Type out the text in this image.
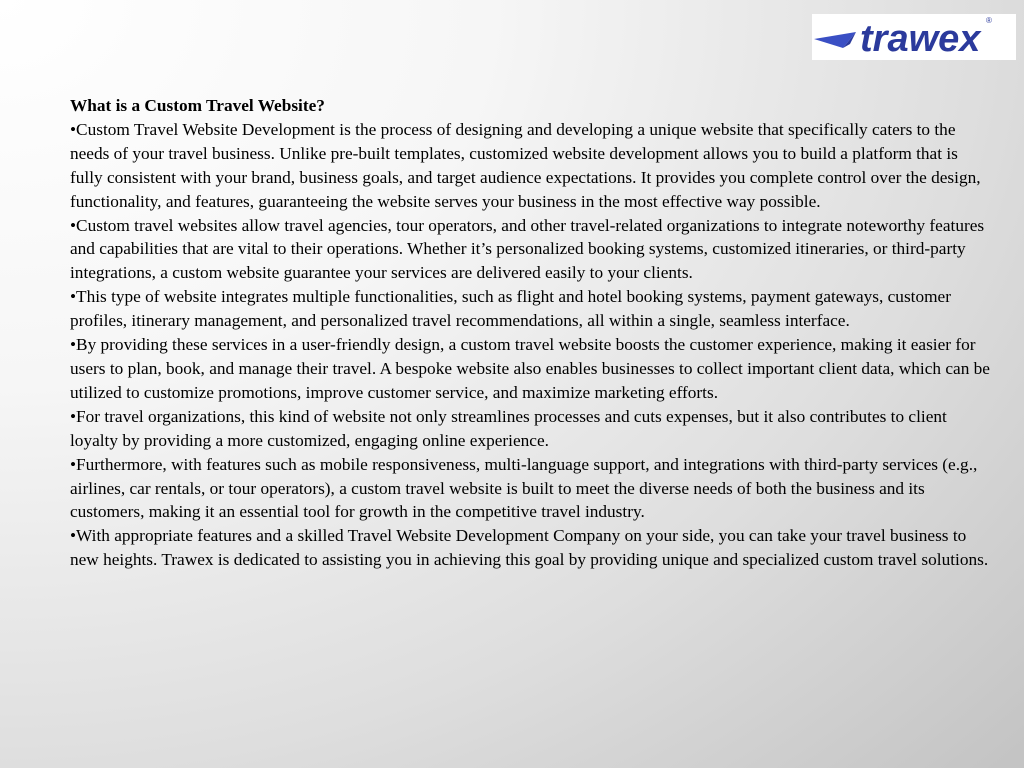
trawex ®

What is a Custom Travel Website?

•Custom Travel Website Development is the process of designing and developing a unique website that specifically caters to the needs of your travel business. Unlike pre-built templates, customized website development allows you to build a platform that is fully consistent with your brand, business goals, and target audience expectations. It provides you complete control over the design, functionality, and features, guaranteeing the website serves your business in the most effective way possible.

•Custom travel websites allow travel agencies, tour operators, and other travel-related organizations to integrate noteworthy features and capabilities that are vital to their operations. Whether it’s personalized booking systems, customized itineraries, or third-party integrations, a custom website guarantee your services are delivered easily to your clients.

•This type of website integrates multiple functionalities, such as flight and hotel booking systems, payment gateways, customer profiles, itinerary management, and personalized travel recommendations, all within a single, seamless interface.

•By providing these services in a user-friendly design, a custom travel website boosts the customer experience, making it easier for users to plan, book, and manage their travel. A bespoke website also enables businesses to collect important client data, which can be utilized to customize promotions, improve customer service, and maximize marketing efforts.

•For travel organizations, this kind of website not only streamlines processes and cuts expenses, but it also contributes to client loyalty by providing a more customized, engaging online experience.

•Furthermore, with features such as mobile responsiveness, multi-language support, and integrations with third-party services (e.g., airlines, car rentals, or tour operators), a custom travel website is built to meet the diverse needs of both the business and its customers, making it an essential tool for growth in the competitive travel industry.

•With appropriate features and a skilled Travel Website Development Company on your side, you can take your travel business to new heights. Trawex is dedicated to assisting you in achieving this goal by providing unique and specialized custom travel solutions.
